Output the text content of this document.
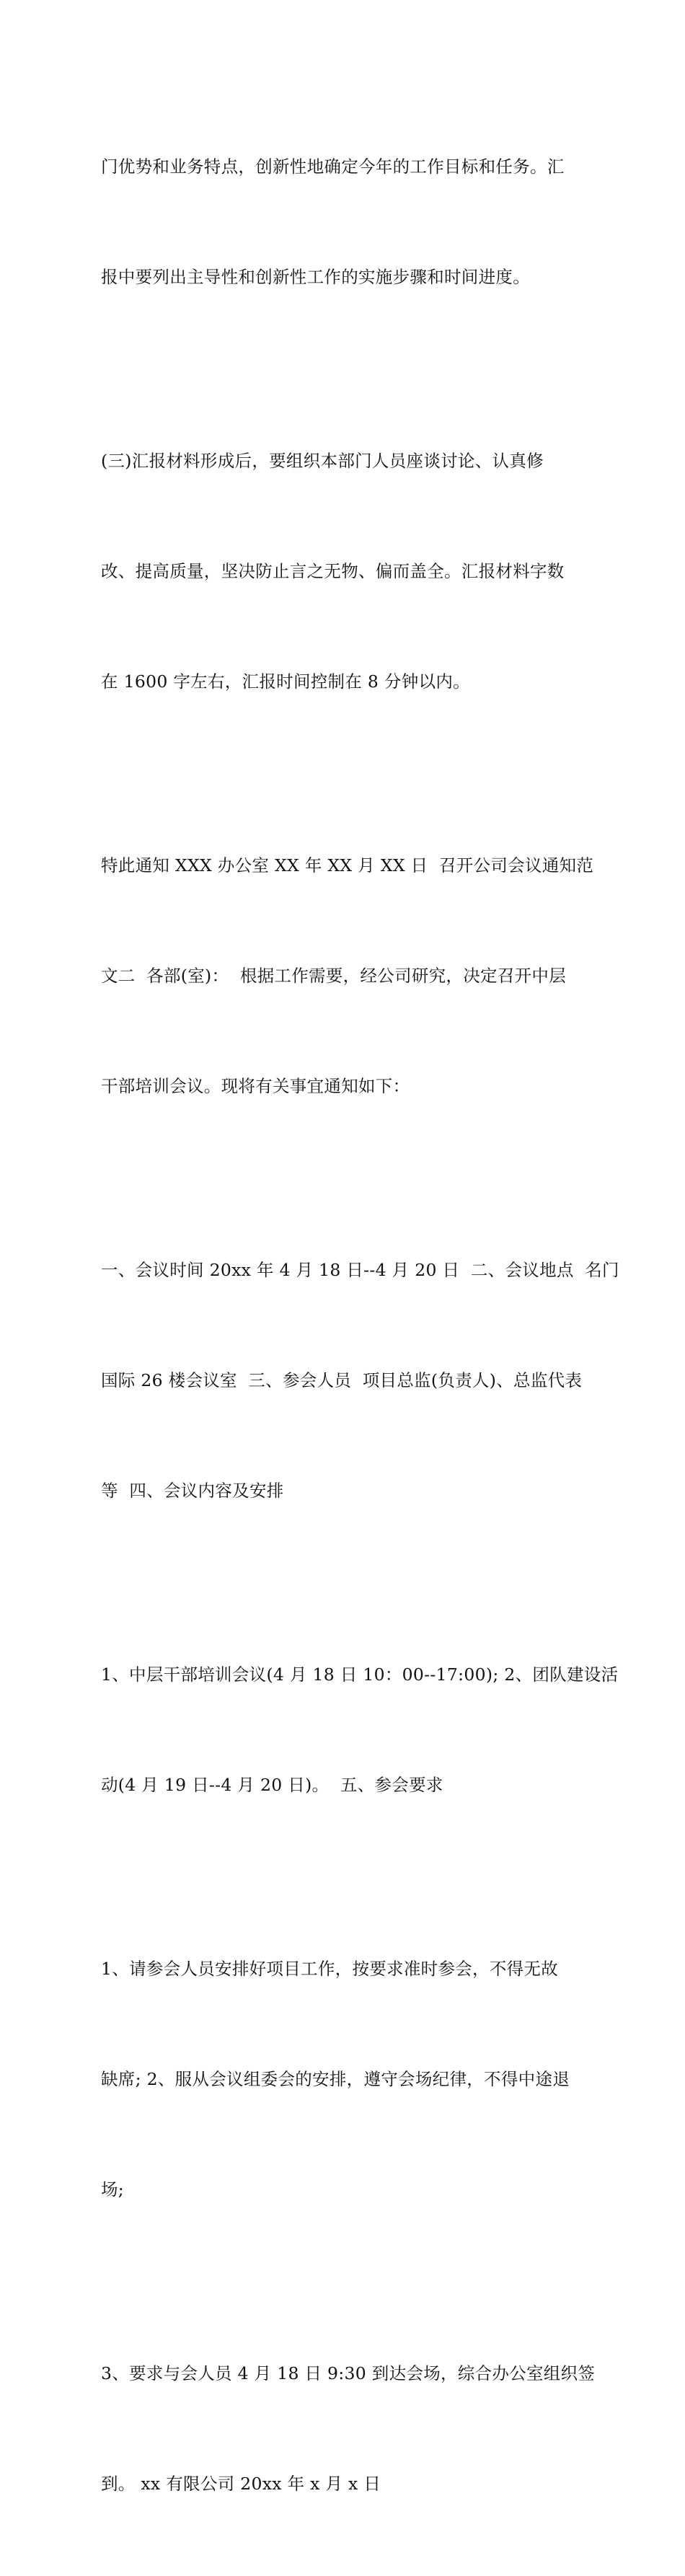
门优势和业务特点，创新性地确定今年的工作目标和任务。汇

报中要列出主导性和创新性工作的实施步骤和时间进度。

(三)汇报材料形成后，要组织本部门人员座谈讨论、认真修

改、提高质量，坚决防止言之无物、偏而盖全。汇报材料字数

在 1600 字左右，汇报时间控制在 8 分钟以内。

特此通知 XXX 办公室 XX 年 XX 月 XX 日  召开公司会议通知范

文二  各部(室)：  根据工作需要，经公司研究，决定召开中层

干部培训会议。现将有关事宜通知如下：

一、会议时间 20xx 年 4 月 18 日--4 月 20 日  二、会议地点  名门

国际 26 楼会议室  三、参会人员  项目总监(负责人)、总监代表

等  四、会议内容及安排

1、中层干部培训会议(4 月 18 日 10：00--17:00); 2、团队建设活

动(4 月 19 日--4 月 20 日)。  五、参会要求

1、请参会人员安排好项目工作，按要求准时参会，不得无故

缺席; 2、服从会议组委会的安排，遵守会场纪律，不得中途退

场;

3、要求与会人员 4 月 18 日 9:30 到达会场，综合办公室组织签

到。 xx 有限公司 20xx 年 x 月 x 日
